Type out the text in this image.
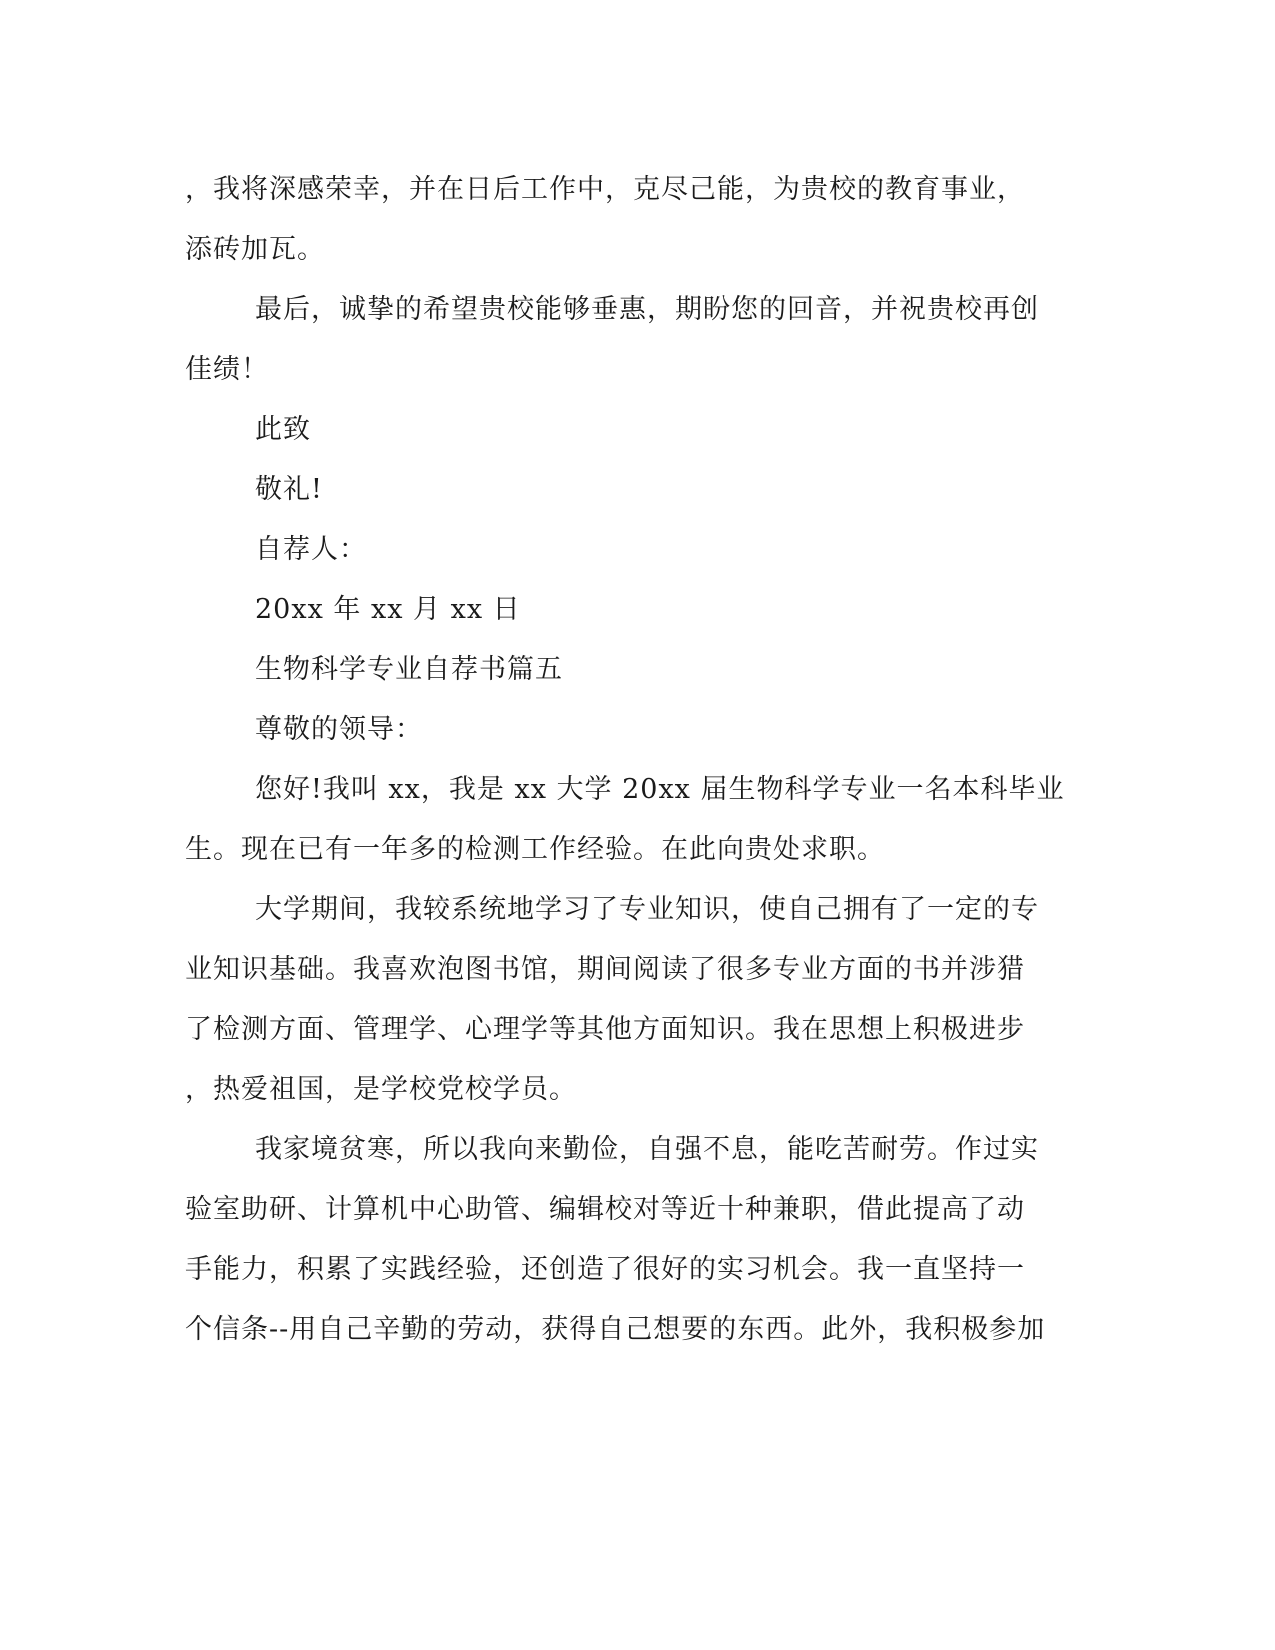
，我将深感荣幸，并在日后工作中，克尽己能，为贵校的教育事业，
添砖加瓦。
最后，诚挚的希望贵校能够垂惠，期盼您的回音，并祝贵校再创
佳绩！
此致
敬礼!
自荐人：
20xx 年 xx 月 xx 日
生物科学专业自荐书篇五
尊敬的领导：
您好!我叫 xx，我是 xx 大学 20xx 届生物科学专业一名本科毕业
生。现在已有一年多的检测工作经验。在此向贵处求职。
大学期间，我较系统地学习了专业知识，使自己拥有了一定的专
业知识基础。我喜欢泡图书馆，期间阅读了很多专业方面的书并涉猎
了检测方面、管理学、心理学等其他方面知识。我在思想上积极进步
，热爱祖国，是学校党校学员。
我家境贫寒，所以我向来勤俭，自强不息，能吃苦耐劳。作过实
验室助研、计算机中心助管、编辑校对等近十种兼职，借此提高了动
手能力，积累了实践经验，还创造了很好的实习机会。我一直坚持一
个信条--用自己辛勤的劳动，获得自己想要的东西。此外，我积极参加
